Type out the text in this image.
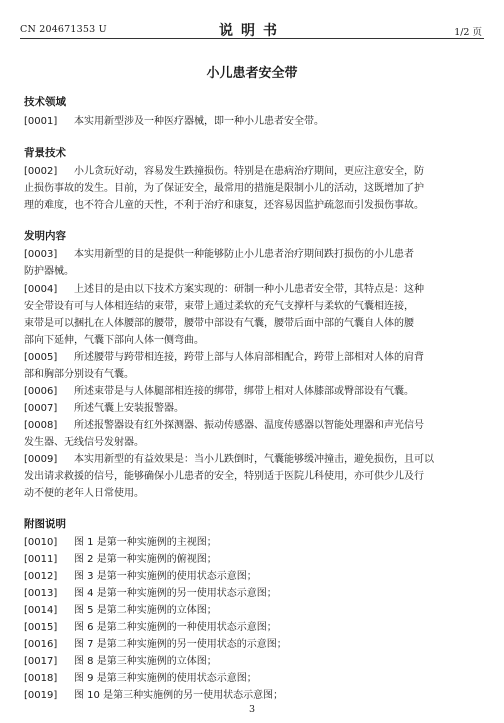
CN 204671353 U	说明书	1/2 页
小儿患者安全带
技术领域
[0001] 本实用新型涉及一种医疗器械，即一种小儿患者安全带。
背景技术
[0002] 小儿贪玩好动，容易发生跌撞损伤。特别是在患病治疗期间，更应注意安全，防
止损伤事故的发生。目前，为了保证安全，最常用的措施是限制小儿的活动，这既增加了护
理的难度，也不符合儿童的天性，不利于治疗和康复，还容易因监护疏忽而引发损伤事故。
发明内容
[0003] 本实用新型的目的是提供一种能够防止小儿患者治疗期间跌打损伤的小儿患者
防护器械。
[0004] 上述目的是由以下技术方案实现的：研制一种小儿患者安全带，其特点是：这种
安全带设有可与人体相连结的束带，束带上通过柔软的充气支撑杆与柔软的气囊相连接，
束带是可以捆扎在人体腰部的腰带，腰带中部设有气囊，腰带后面中部的气囊自人体的腰
部向下延伸，气囊下部向人体一侧弯曲。
[0005] 所述腰带与跨带相连接，跨带上部与人体肩部相配合，跨带上部相对人体的肩背
部和胸部分别设有气囊。
[0006] 所述束带是与人体腿部相连接的绑带，绑带上相对人体膝部或臀部设有气囊。
[0007] 所述气囊上安装报警器。
[0008] 所述报警器设有红外探测器、振动传感器、温度传感器以智能处理器和声光信号
发生器、无线信号发射器。
[0009] 本实用新型的有益效果是：当小儿跌倒时，气囊能够缓冲撞击，避免损伤，且可以
发出请求救援的信号，能够确保小儿患者的安全，特别适于医院儿科使用，亦可供少儿及行
动不便的老年人日常使用。
附图说明
[0010] 图 1 是第一种实施例的主视图；
[0011] 图 2 是第一种实施例的俯视图；
[0012] 图 3 是第一种实施例的使用状态示意图；
[0013] 图 4 是第一种实施例的另一使用状态示意图；
[0014] 图 5 是第二种实施例的立体图；
[0015] 图 6 是第二种实施例的一种使用状态示意图；
[0016] 图 7 是第二种实施例的另一使用状态的示意图；
[0017] 图 8 是第三种实施例的立体图；
[0018] 图 9 是第三种实施例的使用状态示意图；
[0019] 图 10 是第三种实施例的另一使用状态示意图；
3
